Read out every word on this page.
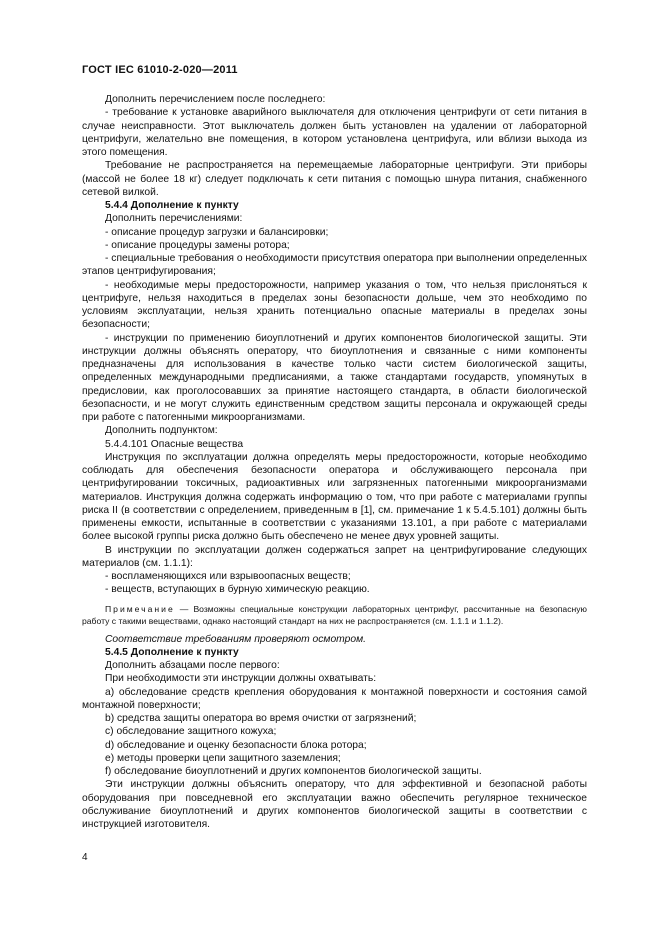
ГОСТ IEC 61010-2-020—2011

Дополнить перечислением после последнего:

- требование к установке аварийного выключателя для отключения центрифуги от сети питания в случае неисправности. Этот выключатель должен быть установлен на удалении от лабораторной центрифуги, желательно вне помещения, в котором установлена центрифуга, или вблизи выхода из этого помещения.

Требование не распространяется на перемещаемые лабораторные центрифуги. Эти приборы (массой не более 18 кг) следует подключать к сети питания с помощью шнура питания, снабженного сетевой вилкой.

5.4.4 Дополнение к пункту

Дополнить перечислениями:

- описание процедур загрузки и балансировки;

- описание процедуры замены ротора;

- специальные требования о необходимости присутствия оператора при выполнении определенных этапов центрифугирования;

- необходимые меры предосторожности, например указания о том, что нельзя прислоняться к центрифуге, нельзя находиться в пределах зоны безопасности дольше, чем это необходимо по условиям эксплуатации, нельзя хранить потенциально опасные материалы в пределах зоны безопасности;

- инструкции по применению биоуплотнений и других компонентов биологической защиты. Эти инструкции должны объяснять оператору, что биоуплотнения и связанные с ними компоненты предназначены для использования в качестве только части систем биологической защиты, определенных международными предписаниями, а также стандартами государств, упомянутых в предисловии, как проголосовавших за принятие настоящего стандарта, в области биологической безопасности, и не могут служить единственным средством защиты персонала и окружающей среды при работе с патогенными микроорганизмами.

Дополнить подпунктом:

5.4.4.101 Опасные вещества

Инструкция по эксплуатации должна определять меры предосторожности, которые необходимо соблюдать для обеспечения безопасности оператора и обслуживающего персонала при центрифугировании токсичных, радиоактивных или загрязненных патогенными микроорганизмами материалов. Инструкция должна содержать информацию о том, что при работе с материалами группы риска II (в соответствии с определением, приведенным в [1], см. примечание 1 к 5.4.5.101) должны быть применены емкости, испытанные в соответствии с указаниями 13.101, а при работе с материалами более высокой группы риска должно быть обеспечено не менее двух уровней защиты.

В инструкции по эксплуатации должен содержаться запрет на центрифугирование следующих материалов (см. 1.1.1):

- воспламеняющихся или взрывоопасных веществ;

- веществ, вступающих в бурную химическую реакцию.

Примечание — Возможны специальные конструкции лабораторных центрифуг, рассчитанные на безопасную работу с такими веществами, однако настоящий стандарт на них не распространяется (см. 1.1.1 и 1.1.2).

Соответствие требованиям проверяют осмотром.

5.4.5 Дополнение к пункту

Дополнить абзацами после первого:

При необходимости эти инструкции должны охватывать:

a) обследование средств крепления оборудования к монтажной поверхности и состояния самой монтажной поверхности;

b) средства защиты оператора во время очистки от загрязнений;

c) обследование защитного кожуха;

d) обследование и оценку безопасности блока ротора;

e) методы проверки цепи защитного заземления;

f) обследование биоуплотнений и других компонентов биологической защиты.

Эти инструкции должны объяснить оператору, что для эффективной и безопасной работы оборудования при повседневной его эксплуатации важно обеспечить регулярное техническое обслуживание биоуплотнений и других компонентов биологической защиты в соответствии с инструкцией изготовителя.

4
